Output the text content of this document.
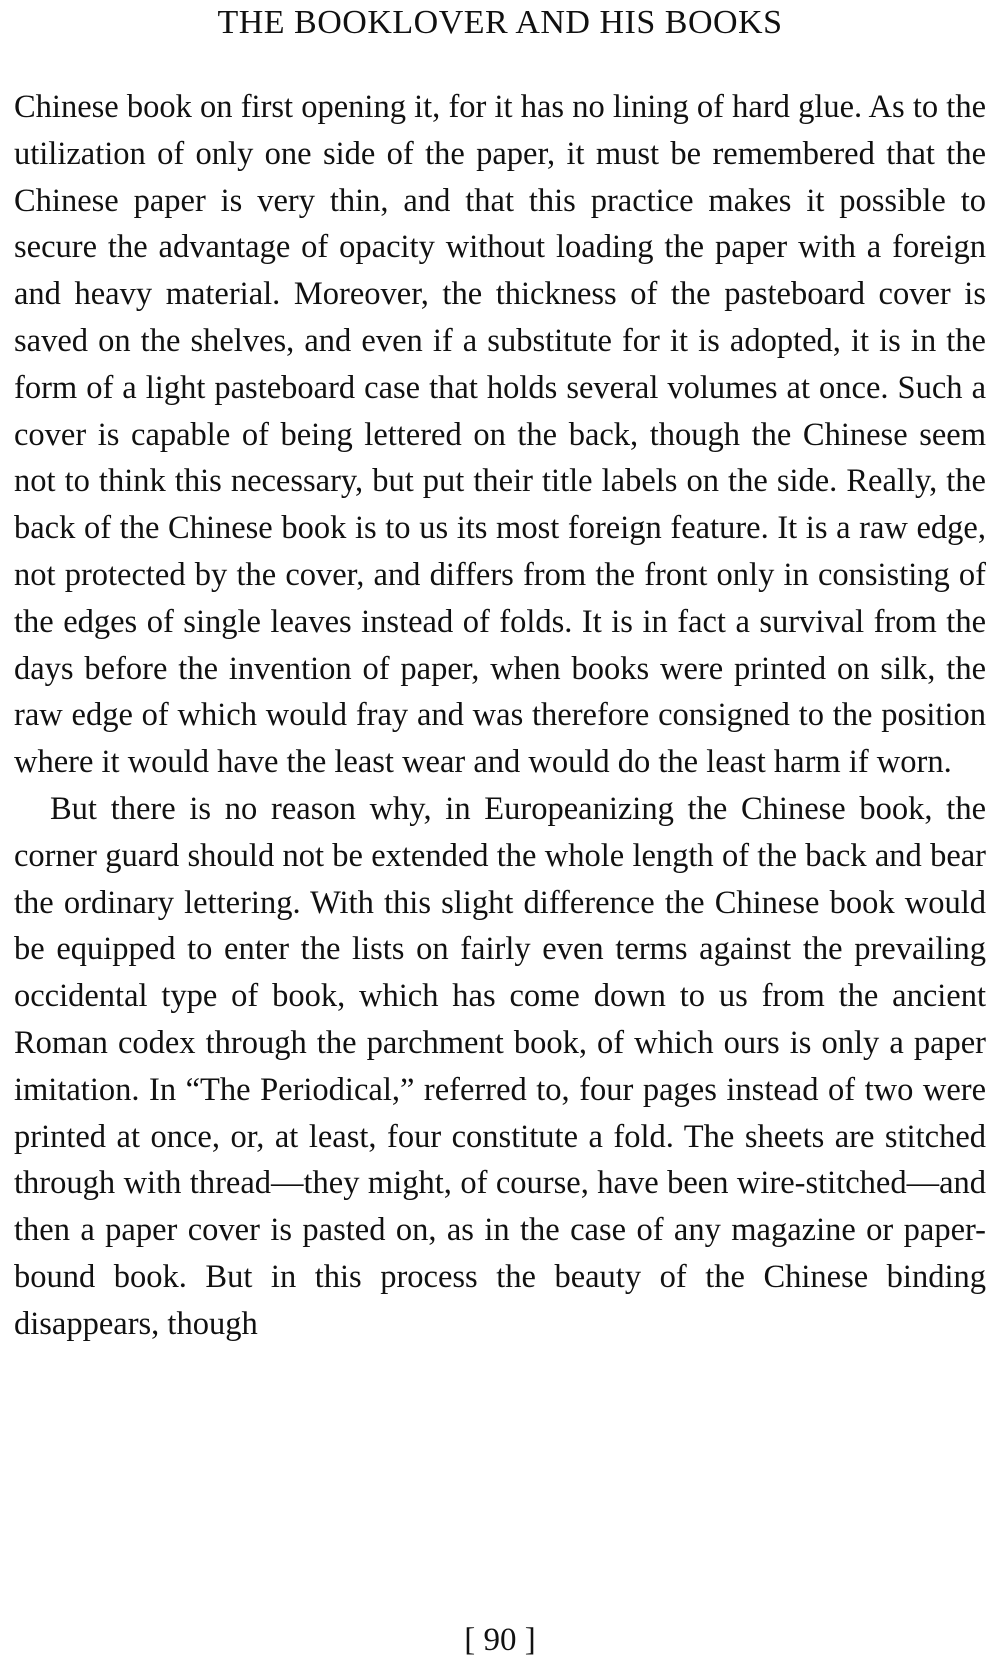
THE BOOKLOVER AND HIS BOOKS

Chinese book on first opening it, for it has no lining of hard glue. As to the utilization of only one side of the paper, it must be remembered that the Chinese paper is very thin, and that this practice makes it possible to secure the advantage of opacity without loading the paper with a foreign and heavy material. Moreover, the thickness of the pasteboard cover is saved on the shelves, and even if a substitute for it is adopted, it is in the form of a light pasteboard case that holds several volumes at once. Such a cover is capable of being lettered on the back, though the Chinese seem not to think this necessary, but put their title labels on the side. Really, the back of the Chinese book is to us its most foreign feature. It is a raw edge, not protected by the cover, and differs from the front only in consisting of the edges of single leaves instead of folds. It is in fact a survival from the days before the invention of paper, when books were printed on silk, the raw edge of which would fray and was therefore consigned to the position where it would have the least wear and would do the least harm if worn.

But there is no reason why, in Europeanizing the Chinese book, the corner guard should not be extended the whole length of the back and bear the ordinary lettering. With this slight difference the Chinese book would be equipped to enter the lists on fairly even terms against the prevailing occidental type of book, which has come down to us from the ancient Roman codex through the parchment book, of which ours is only a paper imitation. In “The Periodical,” referred to, four pages instead of two were printed at once, or, at least, four constitute a fold. The sheets are stitched through with thread—they might, of course, have been wire-stitched—and then a paper cover is pasted on, as in the case of any magazine or paper-bound book. But in this process the beauty of the Chinese binding disappears, though

[ 90 ]
